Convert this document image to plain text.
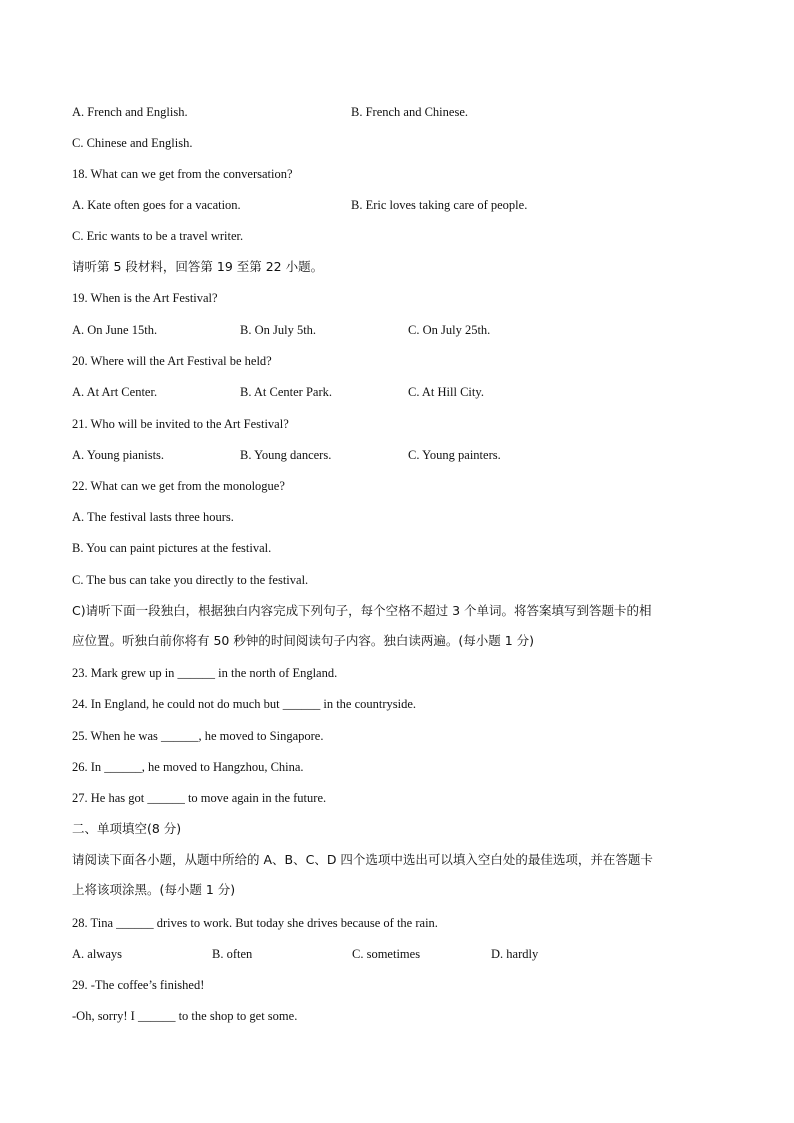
A. French and English.	B. French and Chinese.
C. Chinese and English.
18. What can we get from the conversation?
A. Kate often goes for a vacation.	B. Eric loves taking care of people.
C. Eric wants to be a travel writer.
请听第 5 段材料，回答第 19 至第 22 小题。
19. When is the Art Festival?
A. On June 15th.	B. On July 5th.	C. On July 25th.
20. Where will the Art Festival be held?
A. At Art Center.	B. At Center Park.	C. At Hill City.
21. Who will be invited to the Art Festival?
A. Young pianists.	B. Young dancers.	C. Young painters.
22. What can we get from the monologue?
A. The festival lasts three hours.
B. You can paint pictures at the festival.
C. The bus can take you directly to the festival.
C)请听下面一段独白，根据独白内容完成下列句子，每个空格不超过 3 个单词。将答案填写到答题卡的相
应位置。听独白前你将有 50 秒钟的时间阅读句子内容。独白读两遍。(每小题 1 分)
23. Mark grew up in ______ in the north of England.
24. In England, he could not do much but ______ in the countryside.
25. When he was ______, he moved to Singapore.
26. In ______, he moved to Hangzhou, China.
27. He has got ______ to move again in the future.
二、单项填空(8 分)
请阅读下面各小题，从题中所给的 A、B、C、D 四个选项中选出可以填入空白处的最佳选项，并在答题卡
上将该项涂黑。(每小题 1 分)
28. Tina ______ drives to work. But today she drives because of the rain.
A. always	B. often	C. sometimes	D. hardly
29. -The coffee’s finished!
-Oh, sorry! I ______ to the shop to get some.
